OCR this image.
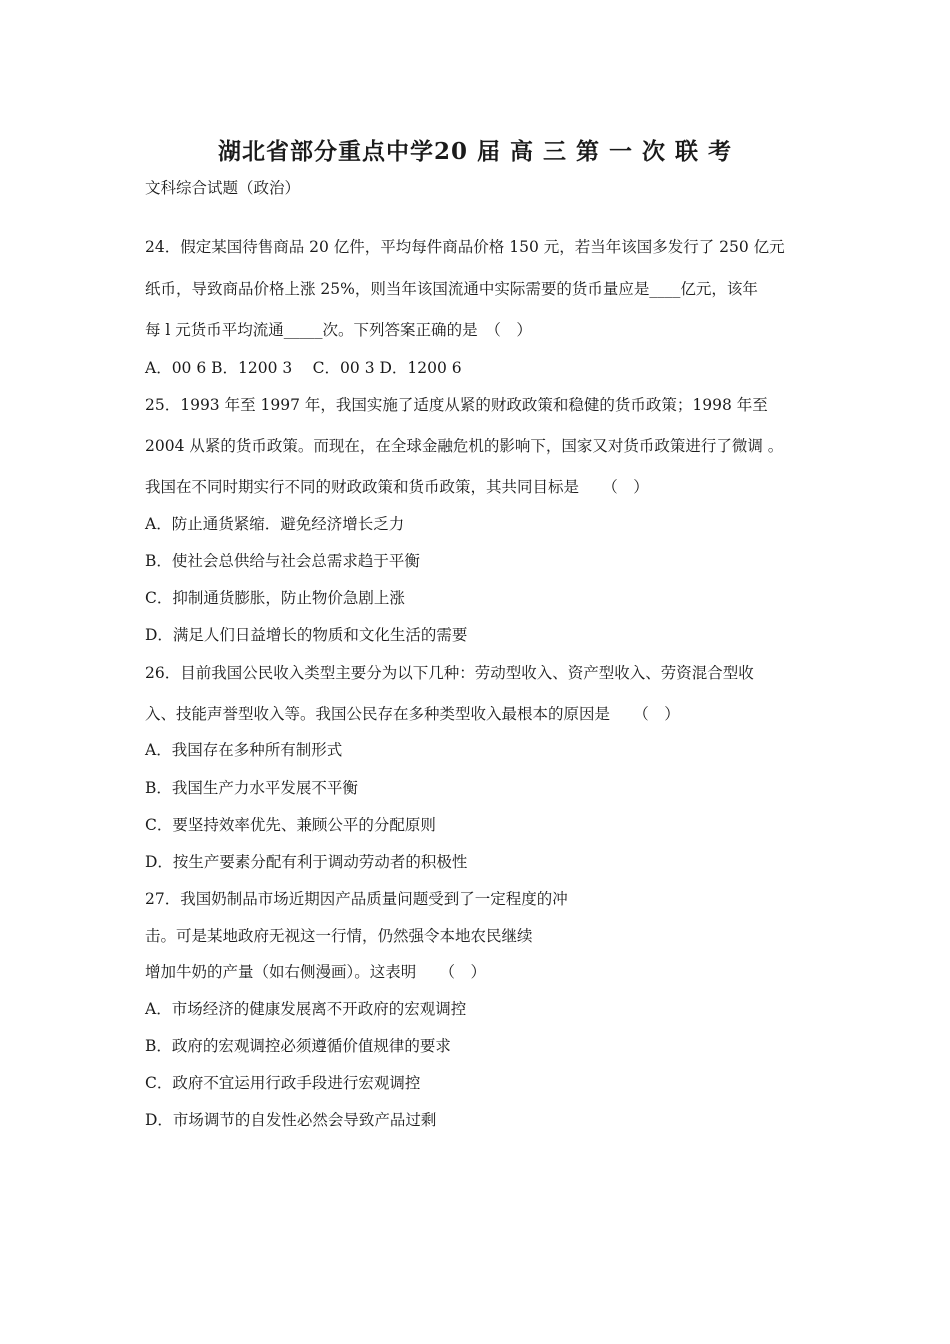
湖北省部分重点中学20 届 高 三 第 一 次 联 考
文科综合试题（政治）
24．假定某国待售商品 20 亿件，平均每件商品价格 150 元，若当年该国多发行了 250 亿元
纸币，导致商品价格上涨 25%，则当年该国流通中实际需要的货币量应是____亿元，该年
每 l 元货币平均流通_____次。下列答案正确的是　（　）
A．00 6 B．1200 3　 C．00 3 D．1200 6
25．1993 年至 1997 年，我国实施了适度从紧的财政政策和稳健的货币政策；1998 年至
2004 从紧的货币政策。而现在，在全球金融危机的影响下，国家又对货币政策进行了微调 。
我国在不同时期实行不同的财政政策和货币政策，其共同目标是　　（　）
A．防止通货紧缩．避免经济增长乏力
B．使社会总供给与社会总需求趋于平衡
C．抑制通货膨胀，防止物价急剧上涨
D．满足人们日益增长的物质和文化生活的需要
26．目前我国公民收入类型主要分为以下几种：劳动型收入、资产型收入、劳资混合型收
入、技能声誉型收入等。我国公民存在多种类型收入最根本的原因是　　（　）
A．我国存在多种所有制形式
B．我国生产力水平发展不平衡
C．要坚持效率优先、兼顾公平的分配原则
D．按生产要素分配有利于调动劳动者的积极性
27．我国奶制品市场近期因产品质量问题受到了一定程度的冲
击。可是某地政府无视这一行情，仍然强令本地农民继续
增加牛奶的产量（如右侧漫画）。这表明　　（　）
A．市场经济的健康发展离不开政府的宏观调控
B．政府的宏观调控必须遵循价值规律的要求
C．政府不宜运用行政手段进行宏观调控
D．市场调节的自发性必然会导致产品过剩
